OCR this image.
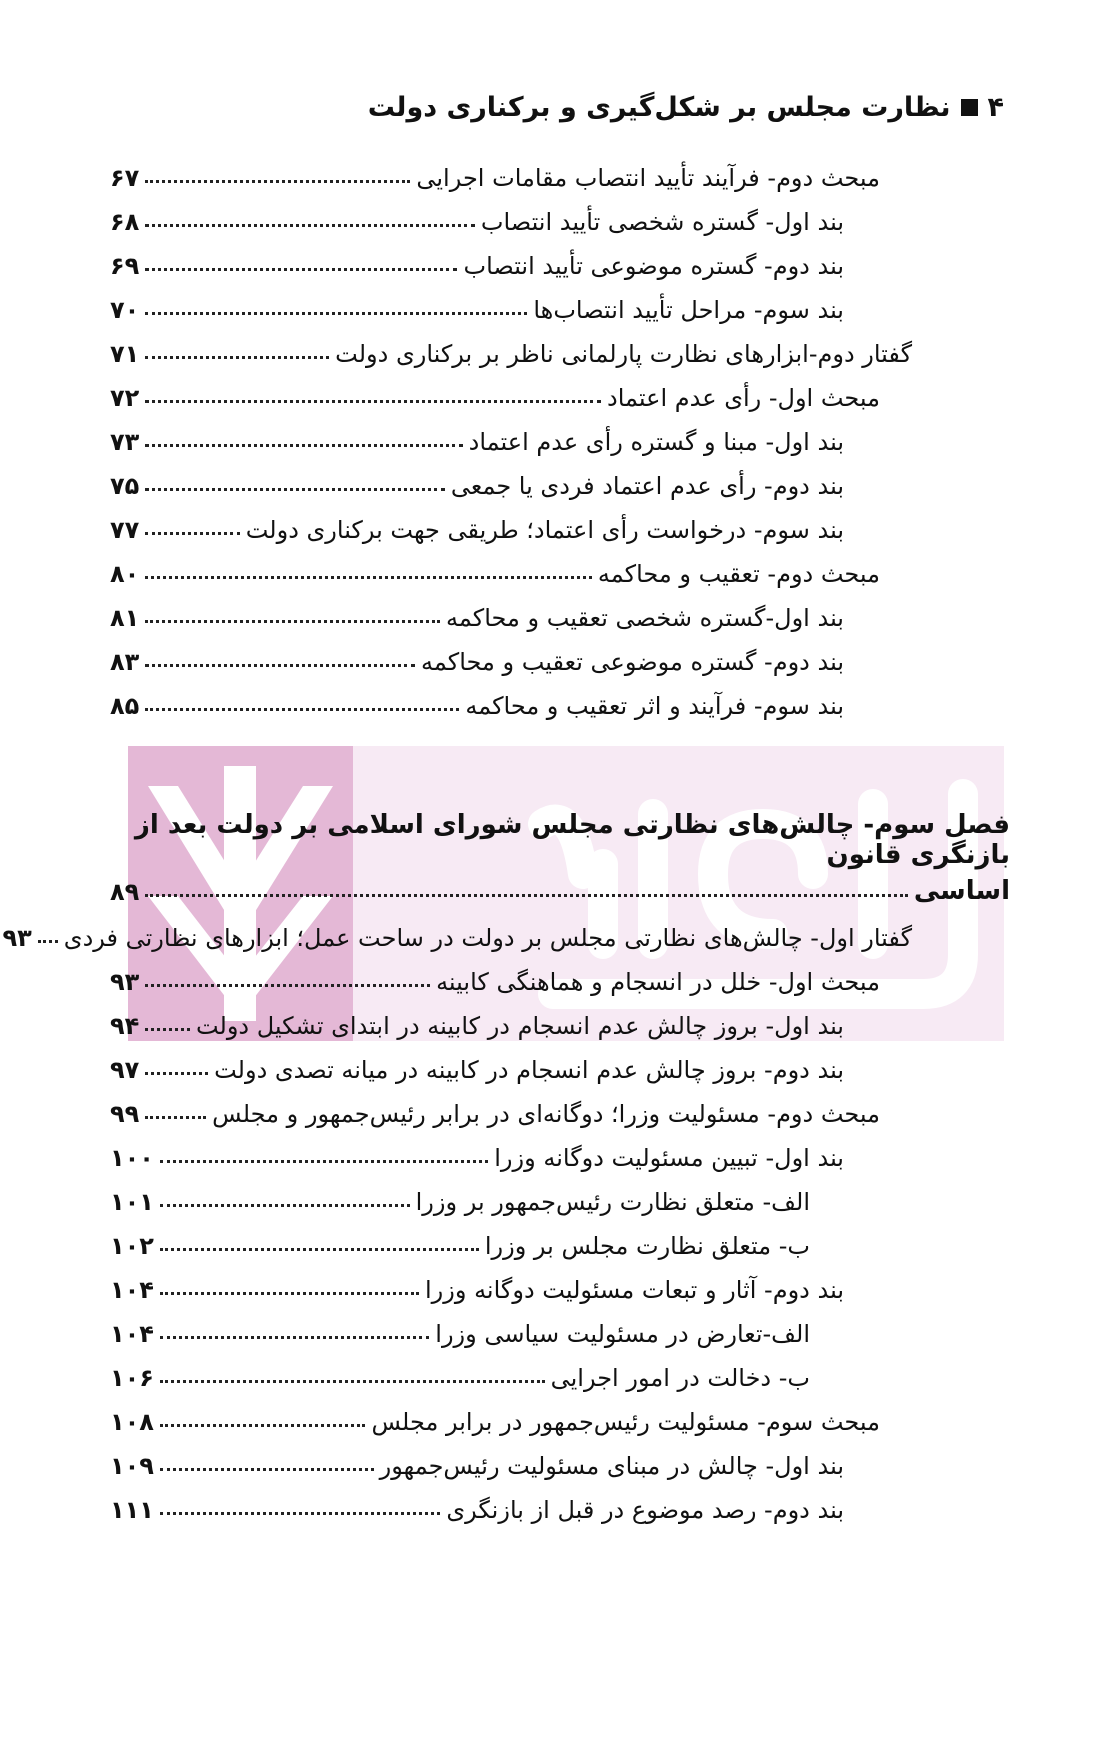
۴
نظارت مجلس بر شکل‌گیری و برکناری دولت
مبحث دوم- فرآیند تأیید انتصاب مقامات اجرایی
۶۷
بند اول- گستره شخصی تأیید انتصاب
۶۸
بند دوم- گستره موضوعی تأیید انتصاب
۶۹
بند سوم- مراحل تأیید انتصاب‌ها
۷۰
گفتار دوم-ابزارهای نظارت پارلمانی ناظر بر برکناری دولت
۷۱
مبحث اول- رأی عدم اعتماد
۷۲
بند اول- مبنا و گستره رأی عدم اعتماد
۷۳
بند دوم- رأی عدم اعتماد فردی یا جمعی
۷۵
بند سوم- درخواست رأی اعتماد؛ طریقی جهت برکناری دولت
۷۷
مبحث دوم- تعقیب و محاکمه
۸۰
بند اول-گستره شخصی تعقیب و محاکمه
۸۱
بند دوم- گستره موضوعی تعقیب و محاکمه
۸۳
بند سوم- فرآیند و اثر تعقیب و محاکمه
۸۵
فصل سوم- چالش‌های نظارتی مجلس شورای اسلامی بر دولت بعد از بازنگری قانون
اساسی
۸۹
گفتار اول- چالش‌های نظارتی مجلس بر دولت در ساحت عمل؛ ابزارهای نظارتی فردی
۹۳
مبحث اول- خلل در انسجام و هماهنگی کابینه
۹۳
بند اول- بروز چالش عدم انسجام در کابینه در ابتدای تشکیل دولت
۹۴
بند دوم- بروز چالش عدم انسجام در کابینه در میانه تصدی دولت
۹۷
مبحث دوم- مسئولیت وزرا؛ دوگانه‌ای در برابر رئیس‌جمهور و مجلس
۹۹
بند اول- تبیین مسئولیت دوگانه وزرا
۱۰۰
الف- متعلق نظارت رئیس‌جمهور بر وزرا
۱۰۱
ب- متعلق نظارت مجلس بر وزرا
۱۰۲
بند دوم- آثار و تبعات مسئولیت دوگانه وزرا
۱۰۴
الف-تعارض در مسئولیت سیاسی وزرا
۱۰۴
ب- دخالت در امور اجرایی
۱۰۶
مبحث سوم- مسئولیت رئیس‌جمهور در برابر مجلس
۱۰۸
بند اول- چالش در مبنای مسئولیت رئیس‌جمهور
۱۰۹
بند دوم- رصد موضوع در قبل از بازنگری
۱۱۱
